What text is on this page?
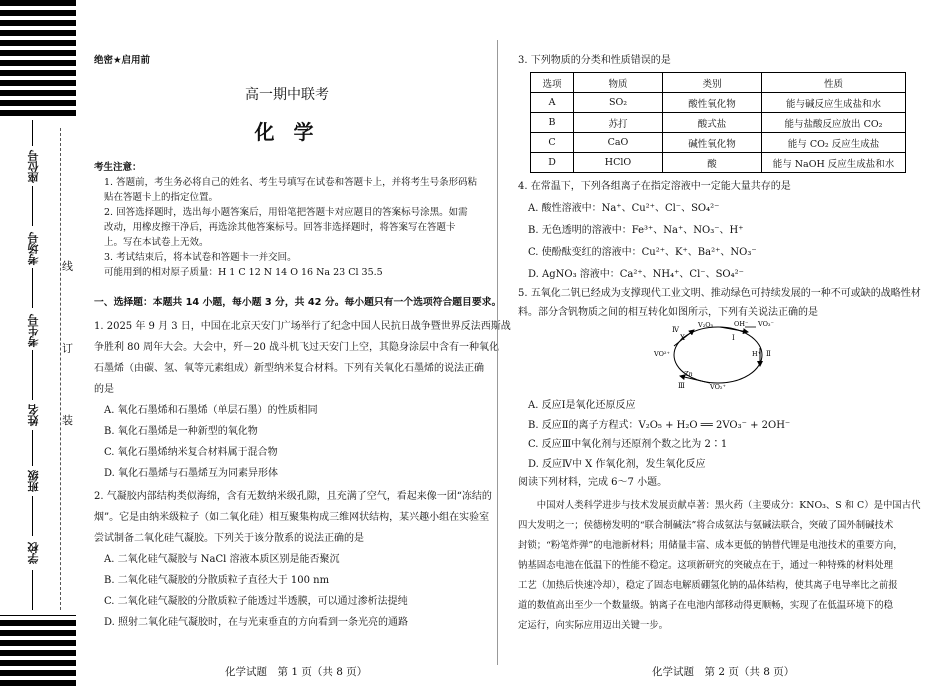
座位号
考场号
考生号
姓名
班级
学校
线
订
装
绝密★启用前
高一期中联考
化 学

考生注意：

1. 答题前，考生务必将自己的姓名、考生号填写在试卷和答题卡上，并将考生号条形码粘

贴在答题卡上的指定位置。

2. 回答选择题时，选出每小题答案后，用铅笔把答题卡对应题目的答案标号涂黑。如需

改动，用橡皮擦干净后，再选涂其他答案标号。回答非选择题时，将答案写在答题卡

上。写在本试卷上无效。

3. 考试结束后，将本试卷和答题卡一并交回。

可能用到的相对原子质量：H 1 C 12 N 14 O 16 Na 23 Cl 35.5

一、选择题：本题共 14 小题，每小题 3 分，共 42 分。每小题只有一个选项符合题目要求。

1. 2025 年 9 月 3 日，中国在北京天安门广场举行了纪念中国人民抗日战争暨世界反法西斯战

争胜利 80 周年大会。大会中，歼－20 战斗机飞过天安门上空，其隐身涂层中含有一种氧化

石墨烯（由碳、氢、氧等元素组成）新型纳米复合材料。下列有关氧化石墨烯的说法正确

的是

A. 氧化石墨烯和石墨烯（单层石墨）的性质相同

B. 氧化石墨烯是一种新型的氧化物

C. 氧化石墨烯纳米复合材料属于混合物

D. 氧化石墨烯与石墨烯互为同素异形体

2. 气凝胶内部结构类似海绵，含有无数纳米级孔隙，且充满了空气，看起来像一团“冻结的

烟”。它是由纳米级粒子（如二氧化硅）相互聚集构成三维网状结构，某兴趣小组在实验室

尝试制备二氧化硅气凝胶。下列关于该分散系的说法正确的是

A. 二氧化硅气凝胶与 NaCl 溶液本质区别是能否聚沉

B. 二氧化硅气凝胶的分散质粒子直径大于 100 nm

C. 二氧化硅气凝胶的分散质粒子能透过半透膜，可以通过渗析法提纯

D. 照射二氧化硅气凝胶时，在与光束垂直的方向看到一条光亮的通路

化学试题　第 1 页（共 8 页）
3. 下列物质的分类和性质错误的是
选项	物质	类别	性质
A	SO₂	酸性氧化物	能与碱反应生成盐和水
B	苏打	酸式盐	能与盐酸反应放出 CO₂
C	CaO	碱性氧化物	能与 CO₂ 反应生成盐
D	HClO	酸	能与 NaOH 反应生成盐和水

4. 在常温下，下列各组离子在指定溶液中一定能大量共存的是

A. 酸性溶液中：Na⁺、Cu²⁺、Cl⁻、SO₄²⁻

B. 无色透明的溶液中：Fe³⁺、Na⁺、NO₃⁻、H⁺

C. 使酚酞变红的溶液中：Cu²⁺、K⁺、Ba²⁺、NO₃⁻

D. AgNO₃ 溶液中：Ca²⁺、NH₄⁺、Cl⁻、SO₄²⁻

5. 五氧化二钒已经成为支撑现代工业文明、推动绿色可持续发展的一种不可或缺的战略性材

料。部分含钒物质之间的相互转化如图所示，下列有关说法正确的是

V₂O₅	OH⁻ VO₃⁻
H⁺
VO₂⁺
VO²⁺
Zn
X	Ⅰ
Ⅱ
Ⅲ
Ⅳ

A. 反应Ⅰ是氧化还原反应

B. 反应Ⅱ的离子方程式：V₂O₅ + H₂O ══ 2VO₃⁻ + 2OH⁻

C. 反应Ⅲ中氧化剂与还原剂个数之比为 2∶1

D. 反应Ⅳ中 X 作氧化剂，发生氧化反应

阅读下列材料，完成 6～7 小题。

　　中国对人类科学进步与技术发展贡献卓著：黑火药（主要成分：KNO₃、S 和 C）是中国古代

四大发明之一；侯德榜发明的“联合制碱法”将合成氨法与氨碱法联合，突破了国外制碱技术

封锁；“粉笔炸弹”的电池新材料；用储量丰富、成本更低的钠替代锂是电池技术的重要方向，

钠基固态电池在低温下的性能不稳定。这项新研究的突破点在于，通过一种特殊的材料处理

工艺（加热后快速冷却），稳定了固态电解质硼氢化钠的晶体结构，使其离子电导率比之前报

道的数值高出至少一个数量级。钠离子在电池内部移动得更顺畅，实现了在低温环境下的稳

定运行，向实际应用迈出关键一步。

化学试题　第 2 页（共 8 页）
